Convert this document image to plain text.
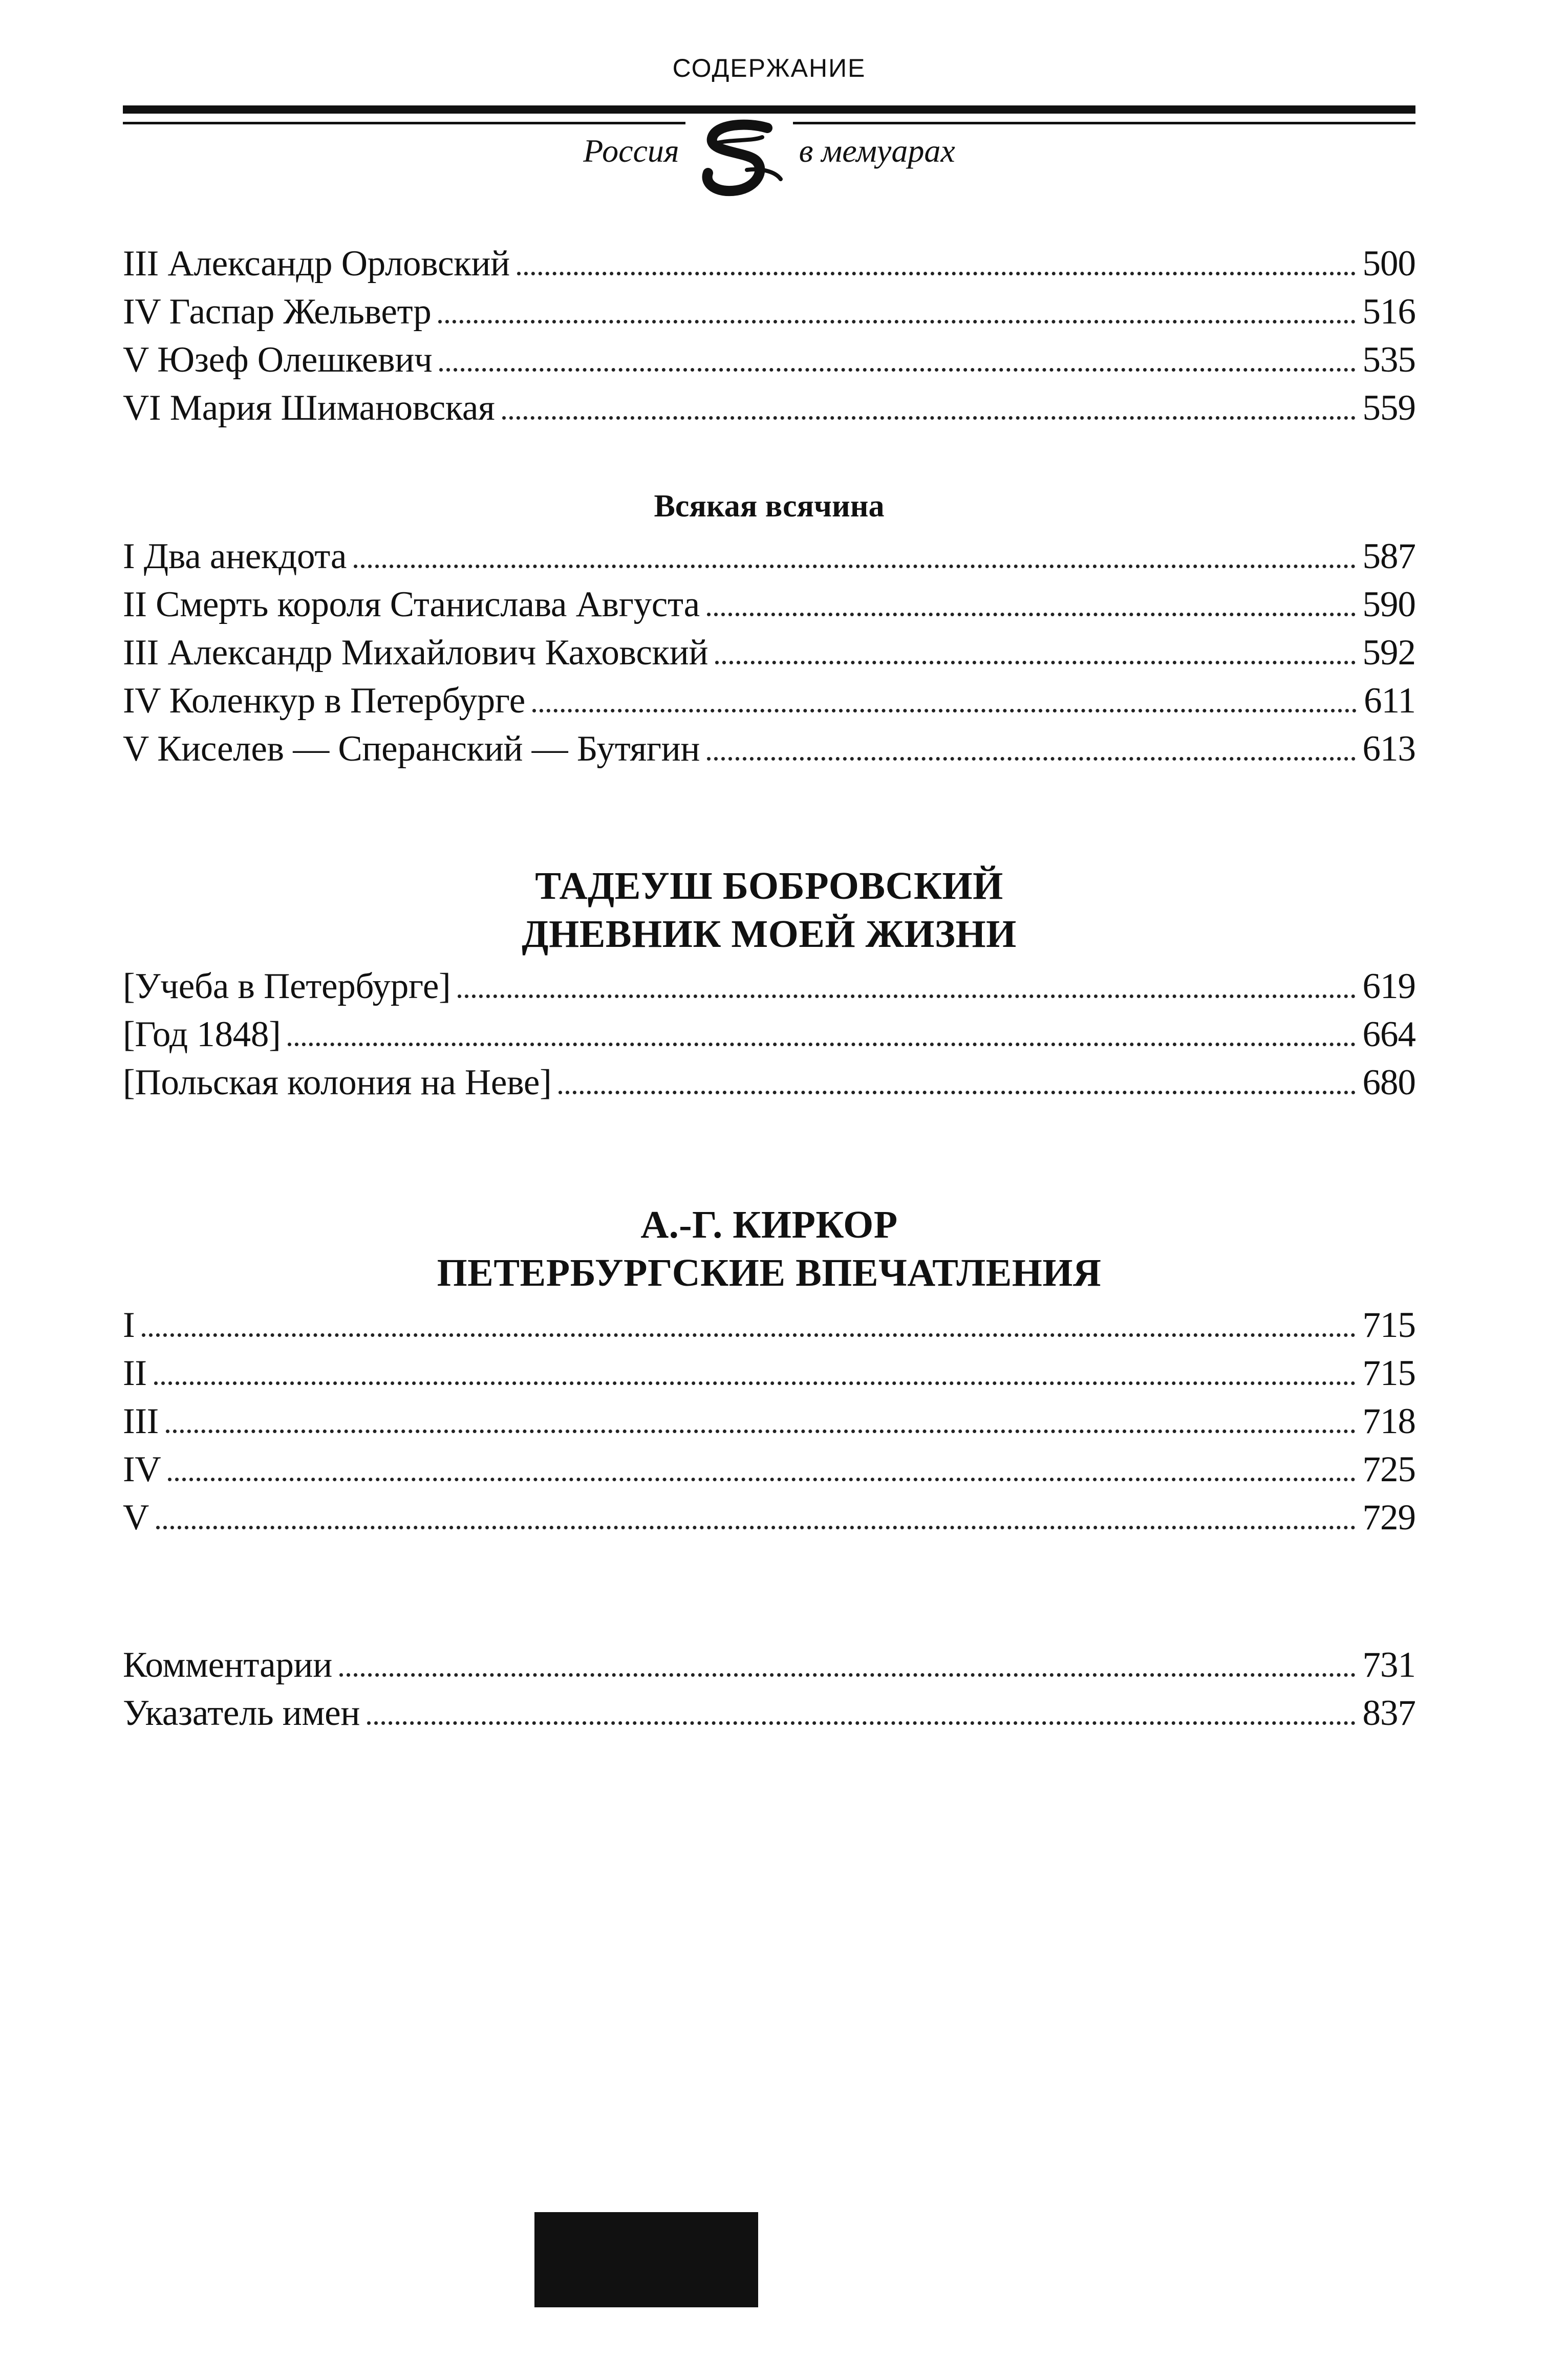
СОДЕРЖАНИЕ
Россия	в мемуарах
III Александр Орловский	500
IV Гаспар Жельветр	516
V Юзеф Олешкевич	535
VI Мария Шимановская	559
Всякая всячина
I Два анекдота	587
II Смерть короля Станислава Августа	590
III Александр Михайлович Каховский	592
IV Коленкур в Петербурге	611
V Киселев — Сперанский — Бутягин	613
ТАДЕУШ БОБРОВСКИЙ
ДНЕВНИК МОЕЙ ЖИЗНИ
[Учеба в Петербурге]	619
[Год 1848]	664
[Польская колония на Неве]	680
А.-Г. КИРКОР
ПЕТЕРБУРГСКИЕ ВПЕЧАТЛЕНИЯ
I	715
II	715
III	718
IV	725
V	729
Комментарии	731
Указатель имен	837
